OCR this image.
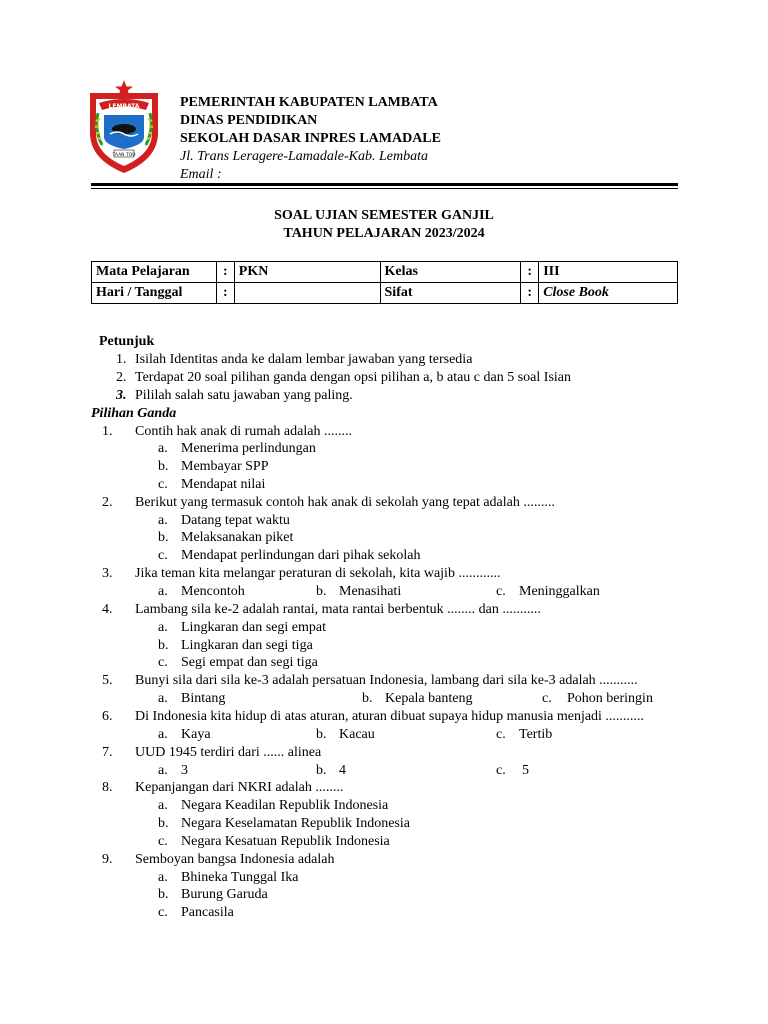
LEMBATA
TAAN TOU
PEMERINTAH KABUPATEN LAMBATA
DINAS PENDIDIKAN
SEKOLAH DASAR INPRES LAMADALE
Jl. Trans Leragere-Lamadale-Kab. Lembata
Email :
SOAL UJIAN SEMESTER GANJIL
TAHUN PELAJARAN 2023/2024
Mata Pelajaran	:	PKN	Kelas	:	III
Hari / Tanggal	:		Sifat	:	Close Book
Petunjuk
1. Isilah Identitas anda ke dalam lembar jawaban yang tersedia
2. Terdapat 20 soal pilihan ganda dengan opsi pilihan a, b atau c dan 5 soal Isian
3. Pililah salah satu jawaban yang paling.
Pilihan Ganda
1. Contih hak anak di rumah adalah ........
a. Menerima perlindungan
b. Membayar SPP
c. Mendapat nilai
2. Berikut yang termasuk contoh hak anak di sekolah yang tepat adalah .........
a. Datang tepat waktu
b. Melaksanakan piket
c. Mendapat perlindungan dari pihak sekolah
3. Jika teman kita melangar peraturan di sekolah, kita wajib ............
a. Mencontoh	b. Menasihati	c. Meninggalkan
4. Lambang sila ke-2 adalah rantai, mata rantai berbentuk ........ dan ...........
a. Lingkaran dan segi empat
b. Lingkaran dan segi tiga
c. Segi empat dan segi tiga
5. Bunyi sila dari sila ke-3 adalah persatuan Indonesia, lambang dari sila ke-3 adalah ...........
a. Bintang	b. Kepala banteng	c. Pohon beringin
6. Di Indonesia kita hidup di atas aturan, aturan dibuat supaya hidup manusia menjadi ...........
a. Kaya	b. Kacau	c. Tertib
7. UUD 1945 terdiri dari ...... alinea
a. 3	b. 4	c. 5
8. Kepanjangan dari NKRI adalah ........
a. Negara Keadilan Republik Indonesia
b. Negara Keselamatan Republik Indonesia
c. Negara Kesatuan Republik Indonesia
9. Semboyan bangsa Indonesia adalah
a. Bhineka Tunggal Ika
b. Burung Garuda
c. Pancasila
